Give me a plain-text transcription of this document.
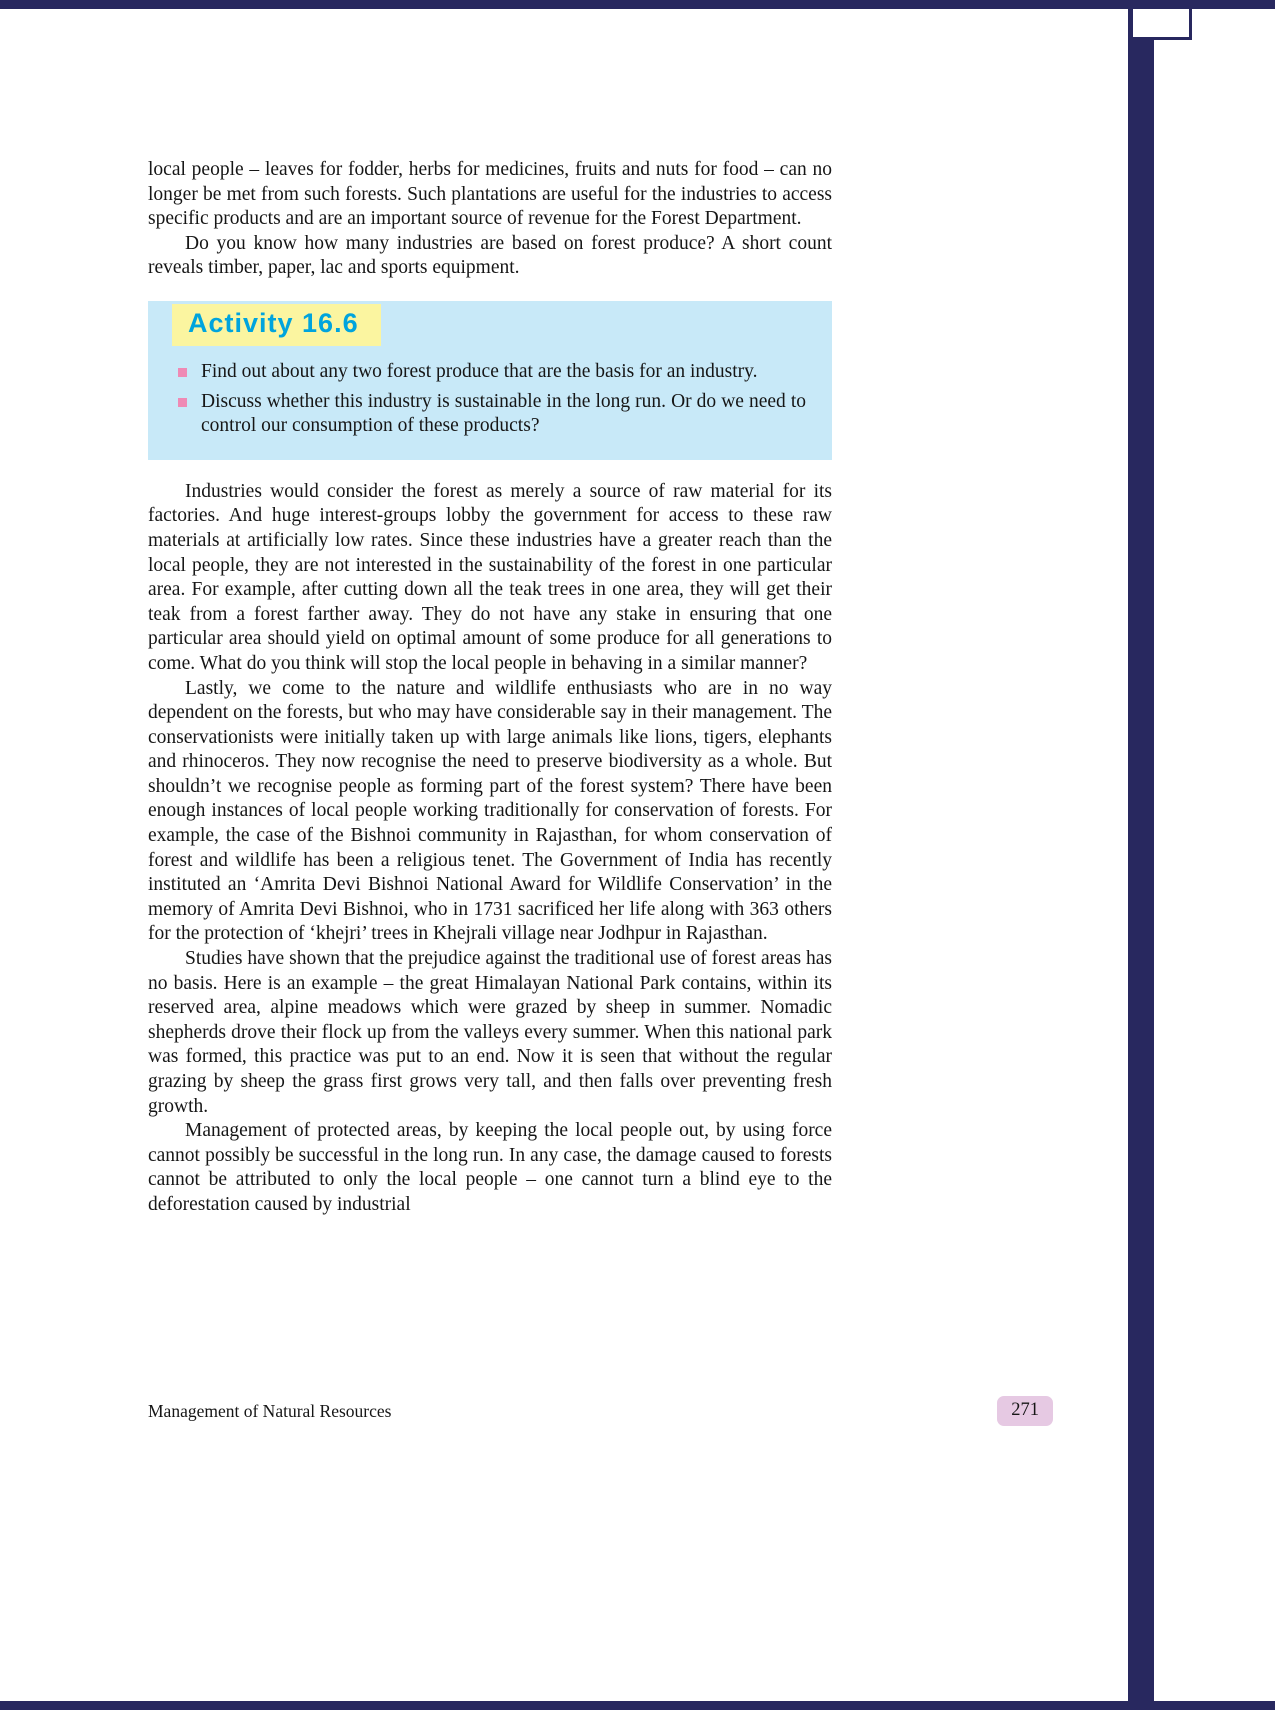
local people – leaves for fodder, herbs for medicines, fruits and nuts for food – can no longer be met from such forests. Such plantations are useful for the industries to access specific products and are an important source of revenue for the Forest Department.

Do you know how many industries are based on forest produce? A short count reveals timber, paper, lac and sports equipment.

Activity 16.6
Find out about any two forest produce that are the basis for an industry.
Discuss whether this industry is sustainable in the long run. Or do we need to control our consumption of these products?

Industries would consider the forest as merely a source of raw material for its factories. And huge interest-groups lobby the government for access to these raw materials at artificially low rates. Since these industries have a greater reach than the local people, they are not interested in the sustainability of the forest in one particular area. For example, after cutting down all the teak trees in one area, they will get their teak from a forest farther away. They do not have any stake in ensuring that one particular area should yield on optimal amount of some produce for all generations to come. What do you think will stop the local people in behaving in a similar manner?

Lastly, we come to the nature and wildlife enthusiasts who are in no way dependent on the forests, but who may have considerable say in their management. The conservationists were initially taken up with large animals like lions, tigers, elephants and rhinoceros. They now recognise the need to preserve biodiversity as a whole. But shouldn’t we recognise people as forming part of the forest system? There have been enough instances of local people working traditionally for conservation of forests. For example, the case of the Bishnoi community in Rajasthan, for whom conservation of forest and wildlife has been a religious tenet. The Government of India has recently instituted an ‘Amrita Devi Bishnoi National Award for Wildlife Conservation’ in the memory of Amrita Devi Bishnoi, who in 1731 sacrificed her life along with 363 others for the protection of ‘khejri’ trees in Khejrali village near Jodhpur in Rajasthan.

Studies have shown that the prejudice against the traditional use of forest areas has no basis. Here is an example – the great Himalayan National Park contains, within its reserved area, alpine meadows which were grazed by sheep in summer. Nomadic shepherds drove their flock up from the valleys every summer. When this national park was formed, this practice was put to an end. Now it is seen that without the regular grazing by sheep the grass first grows very tall, and then falls over preventing fresh growth.

Management of protected areas, by keeping the local people out, by using force cannot possibly be successful in the long run. In any case, the damage caused to forests cannot be attributed to only the local people – one cannot turn a blind eye to the deforestation caused by industrial

Management of Natural Resources	271
